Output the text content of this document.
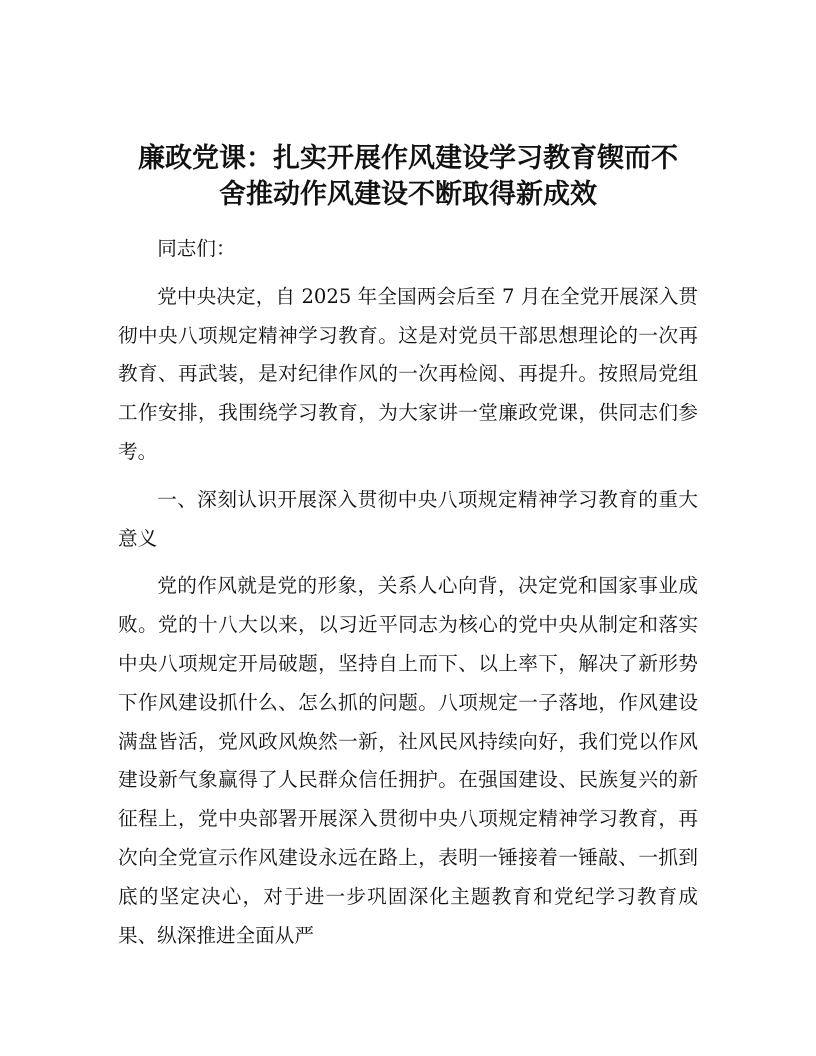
廉政党课：扎实开展作风建设学习教育锲而不
舍推动作风建设不断取得新成效

同志们：

党中央决定，自 2025 年全国两会后至 7 月在全党开展深入贯彻中央八项规定精神学习教育。这是对党员干部思想理论的一次再教育、再武装，是对纪律作风的一次再检阅、再提升。按照局党组工作安排，我围绕学习教育，为大家讲一堂廉政党课，供同志们参考。

一、深刻认识开展深入贯彻中央八项规定精神学习教育的重大意义

党的作风就是党的形象，关系人心向背，决定党和国家事业成败。党的十八大以来，以习近平同志为核心的党中央从制定和落实中央八项规定开局破题，坚持自上而下、以上率下，解决了新形势下作风建设抓什么、怎么抓的问题。八项规定一子落地，作风建设满盘皆活，党风政风焕然一新，社风民风持续向好，我们党以作风建设新气象赢得了人民群众信任拥护。在强国建设、民族复兴的新征程上，党中央部署开展深入贯彻中央八项规定精神学习教育，再次向全党宣示作风建设永远在路上，表明一锤接着一锤敲、一抓到底的坚定决心，对于进一步巩固深化主题教育和党纪学习教育成果、纵深推进全面从严
